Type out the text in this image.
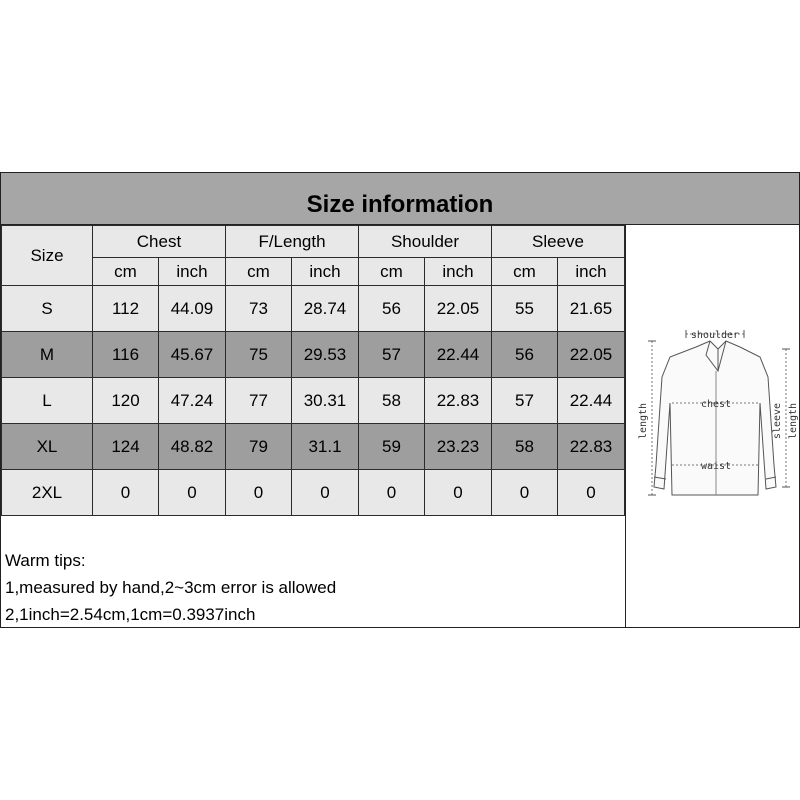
Size information
Size
Chest	F/Length	Shoulder	Sleeve
cm	inch	cm	inch	cm	inch	cm	inch
S	112	44.09	73	28.74	56	22.05	55	21.65
M	116	45.67	75	29.53	57	22.44	56	22.05
L	120	47.24	77	30.31	58	22.83	57	22.44
XL	124	48.82	79	31.1	59	23.23	58	22.83
2XL	0	0	0	0	0	0	0	0
Warm tips:
1,measured by hand,2~3cm error is allowed
2,1inch=2.54cm,1cm=0.3937inch
shoulder
chest
waist
length	sleeve length
